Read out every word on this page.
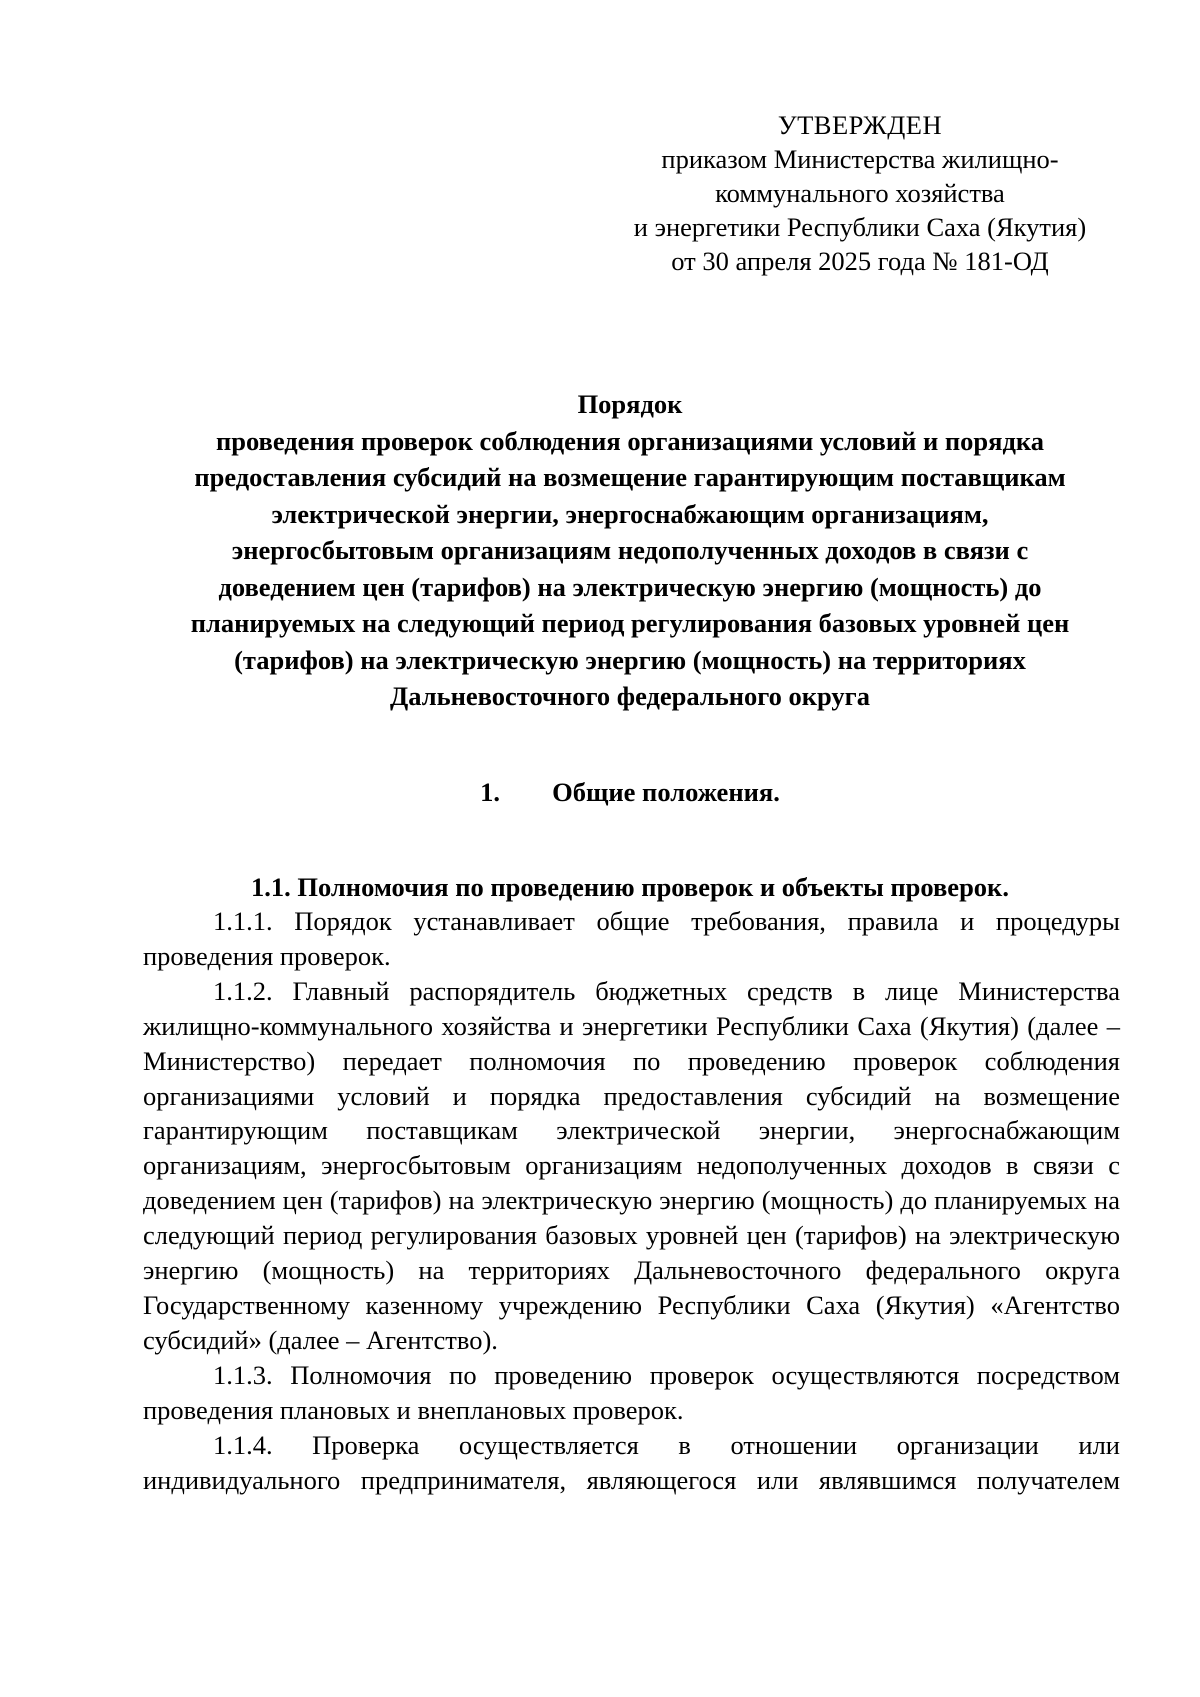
УТВЕРЖДЕН
приказом Министерства жилищно-
коммунального хозяйства
и энергетики Республики Саха (Якутия)
от 30 апреля 2025 года № 181-ОД
Порядок
проведения проверок соблюдения организациями условий и порядка
предоставления субсидий на возмещение гарантирующим поставщикам
электрической энергии, энергоснабжающим организациям,
энергосбытовым организациям недополученных доходов в связи с
доведением цен (тарифов) на электрическую энергию (мощность) до
планируемых на следующий период регулирования базовых уровней цен
(тарифов) на электрическую энергию (мощность) на территориях
Дальневосточного федерального округа
1. Общие положения.
1.1. Полномочия по проведению проверок и объекты проверок.

1.1.1. Порядок устанавливает общие требования, правила и процедуры проведения проверок.

1.1.2. Главный распорядитель бюджетных средств в лице Министерства жилищно-коммунального хозяйства и энергетики Республики Саха (Якутия) (далее – Министерство) передает полномочия по проведению проверок соблюдения организациями условий и порядка предоставления субсидий на возмещение гарантирующим поставщикам электрической энергии, энергоснабжающим организациям, энергосбытовым организациям недополученных доходов в связи с доведением цен (тарифов) на электрическую энергию (мощность) до планируемых на следующий период регулирования базовых уровней цен (тарифов) на электрическую энергию (мощность) на территориях Дальневосточного федерального округа Государственному казенному учреждению Республики Саха (Якутия) «Агентство субсидий» (далее – Агентство).

1.1.3. Полномочия по проведению проверок осуществляются посредством проведения плановых и внеплановых проверок.

1.1.4. Проверка осуществляется в отношении организации или индивидуального предпринимателя, являющегося или являвшимся получателем
